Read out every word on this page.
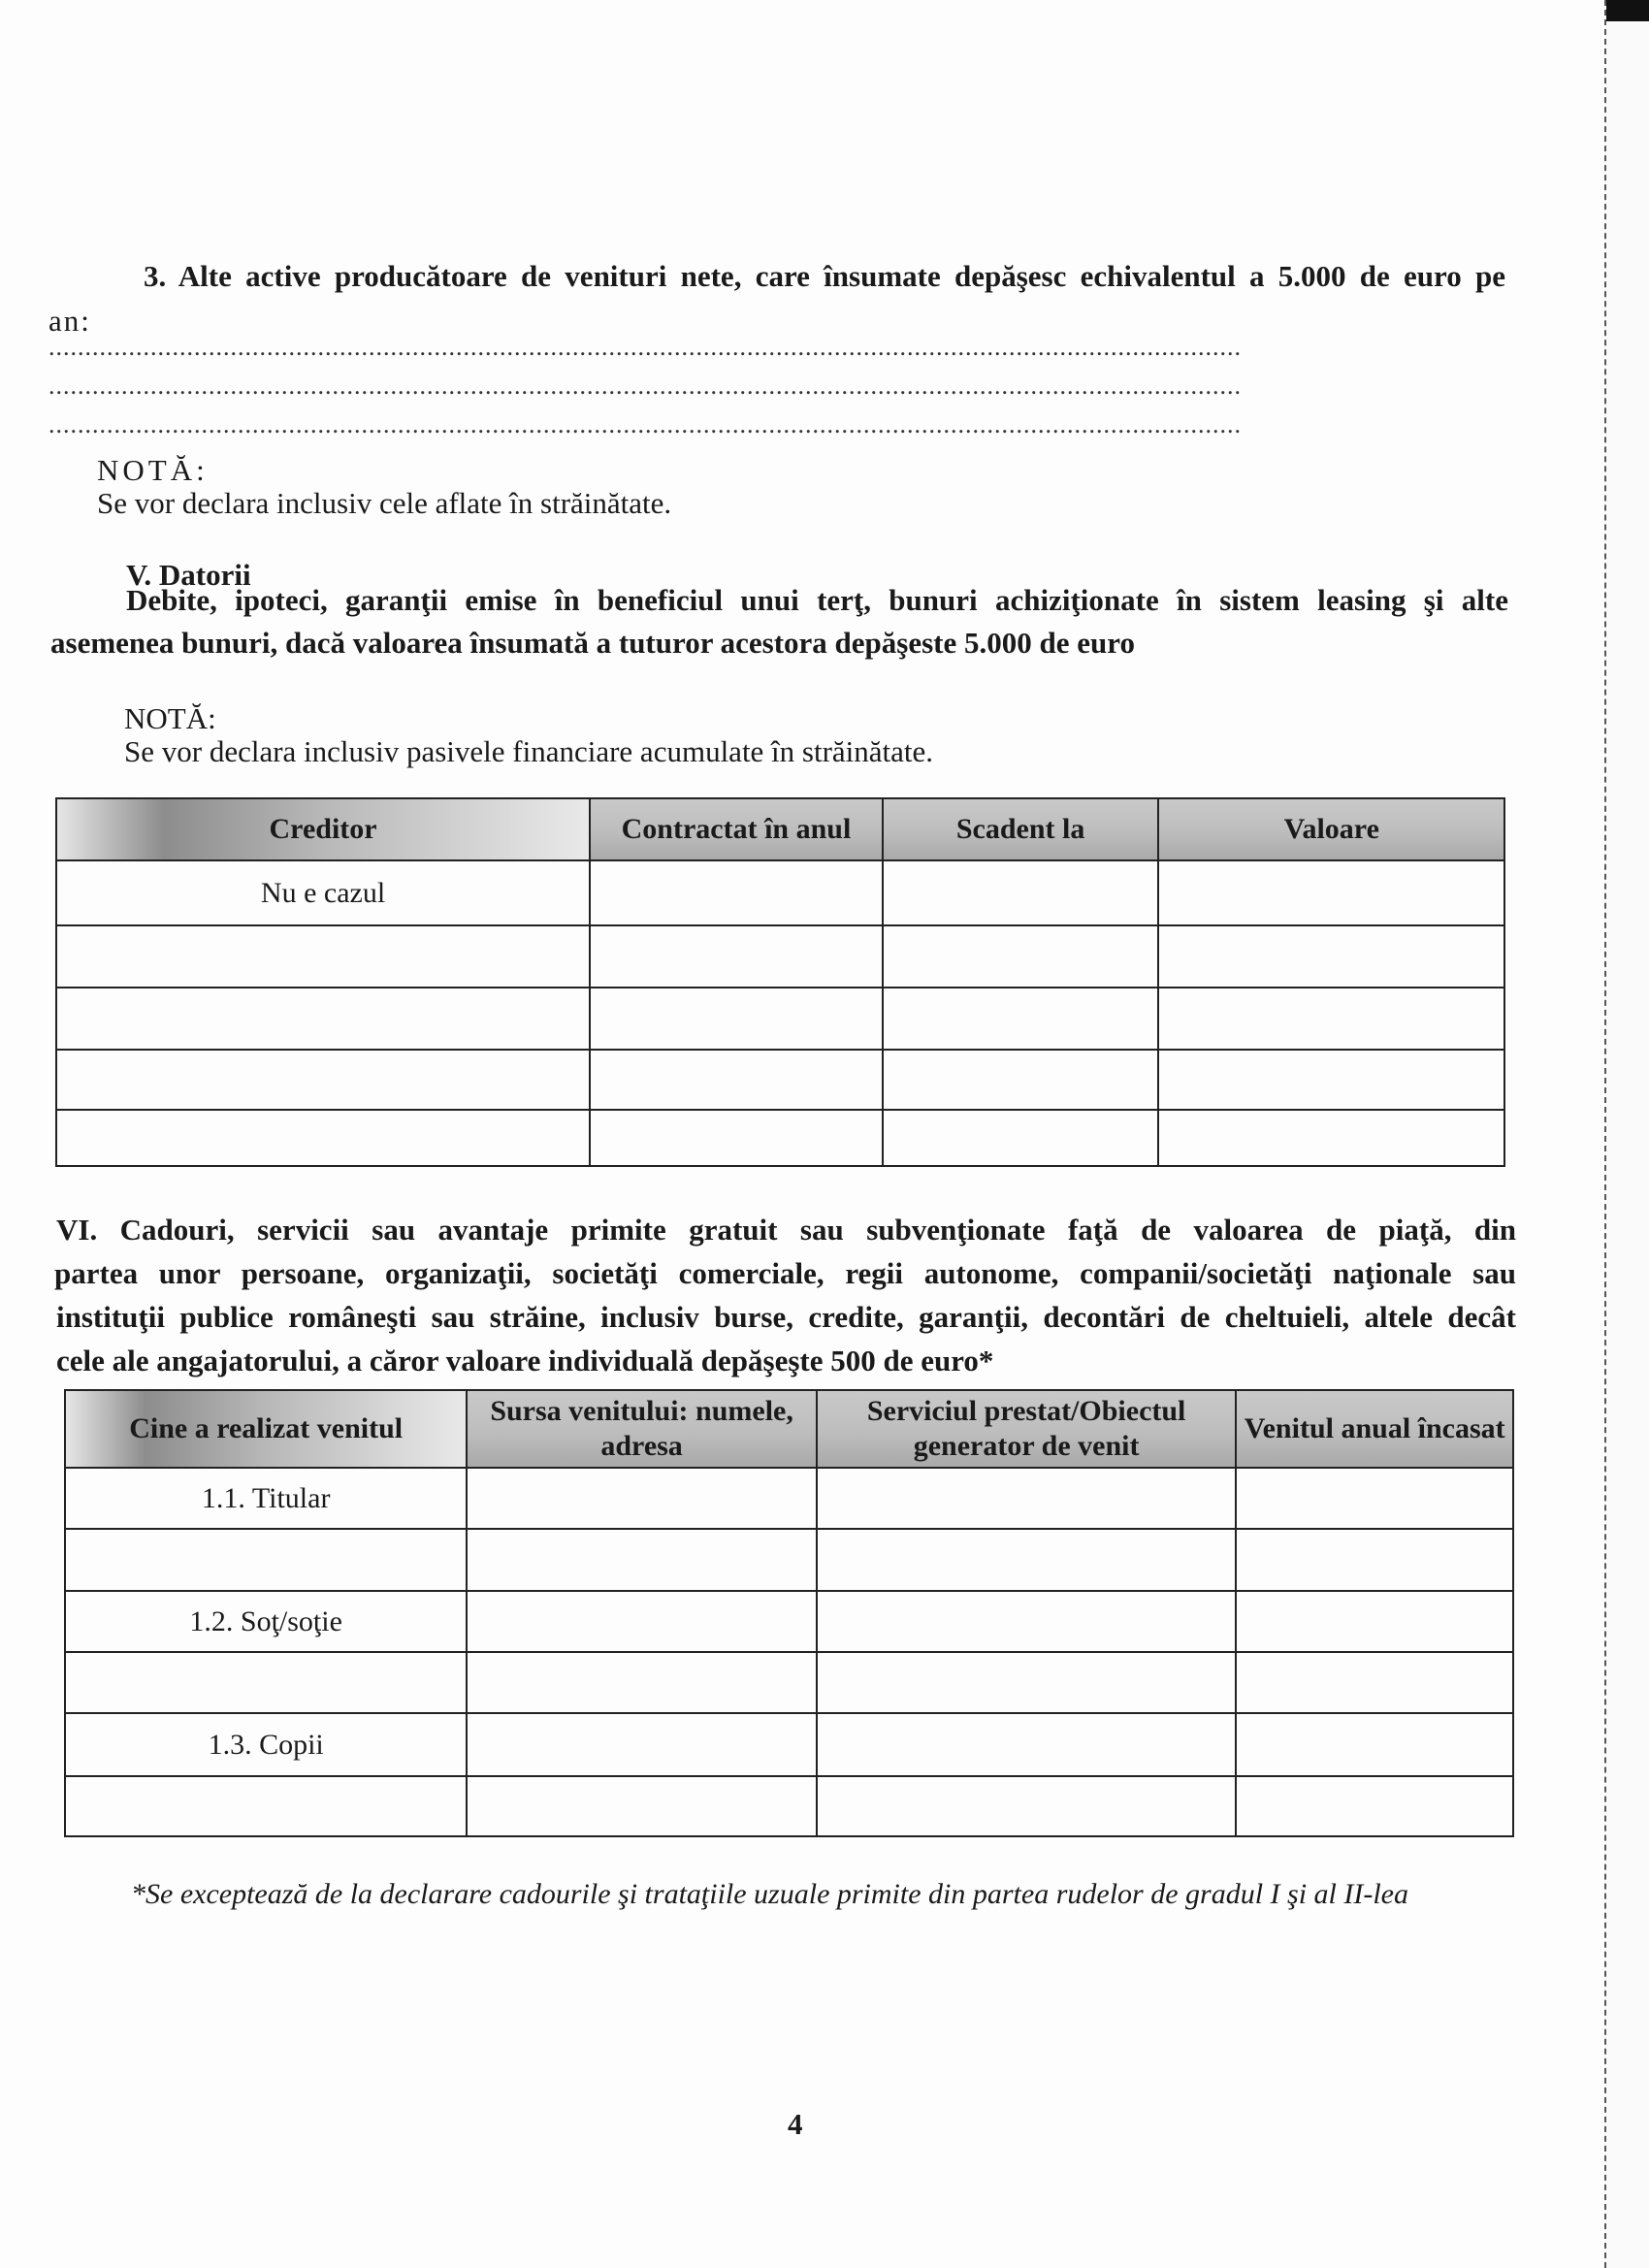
3. Alte active producătoare de venituri nete, care însumate depăşesc echivalentul a 5.000 de euro pe
an:
....................................................................................................................................................................
....................................................................................................................................................................
....................................................................................................................................................................
NOTĂ:
Se vor declara inclusiv cele aflate în străinătate.
V. Datorii
Debite, ipoteci, garanţii emise în beneficiul unui terţ, bunuri achiziţionate în sistem leasing şi alte
asemenea bunuri, dacă valoarea însumată a tuturor acestora depăşeste 5.000 de euro
NOTĂ:
Se vor declara inclusiv pasivele financiare acumulate în străinătate.
Creditor	Contractat în anul	Scadent la	Valoare
Nu e cazul			

VI. Cadouri, servicii sau avantaje primite gratuit sau subvenţionate faţă de valoarea de piaţă, din
partea unor persoane, organizaţii, societăţi comerciale, regii autonome, companii/societăţi naţionale sau
instituţii publice româneşti sau străine, inclusiv burse, credite, garanţii, decontări de cheltuieli, altele decât
cele ale angajatorului, a căror valoare individuală depăşeşte 500 de euro*
Cine a realizat venitul	Sursa venitului: numele, adresa	Serviciul prestat/Obiectul generator de venit	Venitul anual încasat
1.1. Titular			

1.2. Soţ/soţie			

1.3. Copii			

*Se exceptează de la declarare cadourile şi trataţiile uzuale primite din partea rudelor de gradul I şi al II-lea
4
